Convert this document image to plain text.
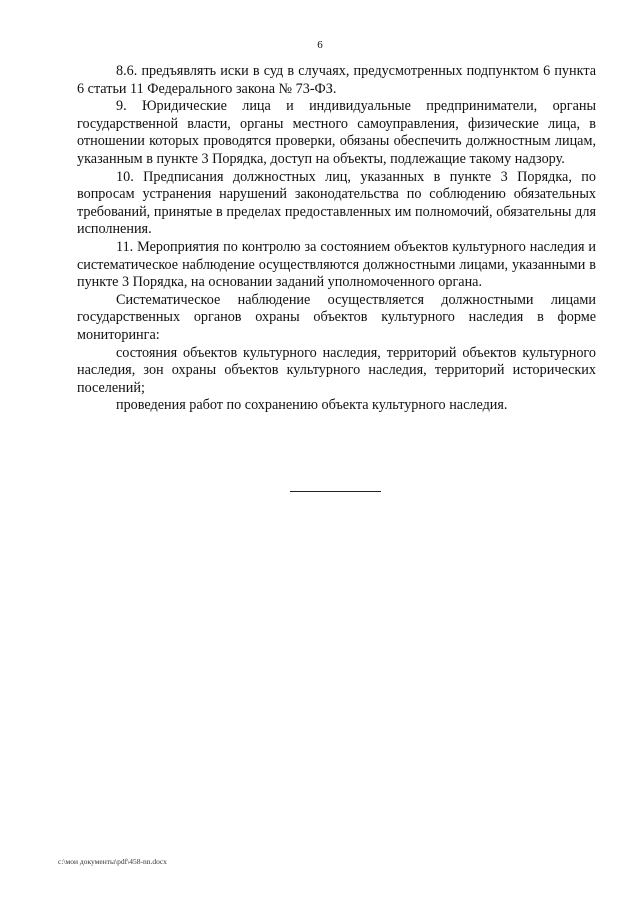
6

8.6. предъявлять иски в суд в случаях, предусмотренных подпунктом 6 пункта 6 статьи 11 Федерального закона № 73-ФЗ.

9. Юридические лица и индивидуальные предприниматели, органы государственной власти, органы местного самоуправления, физические лица, в отношении которых проводятся проверки, обязаны обеспечить должностным лицам, указанным в пункте 3 Порядка, доступ на объекты, подлежащие такому надзору.

10. Предписания должностных лиц, указанных в пункте 3 Порядка, по вопросам устранения нарушений законодательства по соблюдению обязательных требований, принятые в пределах предоставленных им полномочий, обязательны для исполнения.

11. Мероприятия по контролю за состоянием объектов культурного наследия и систематическое наблюдение осуществляются должностными лицами, указанными в пункте 3 Порядка, на основании заданий уполномоченного органа.

Систематическое наблюдение осуществляется должностными лицами государственных органов охраны объектов культурного наследия в форме мониторинга:

состояния объектов культурного наследия, территорий объектов культурного наследия, зон охраны объектов культурного наследия, территорий исторических поселений;

проведения работ по сохранению объекта культурного наследия.

c:\мои документы\pdf\458-nn.docx
